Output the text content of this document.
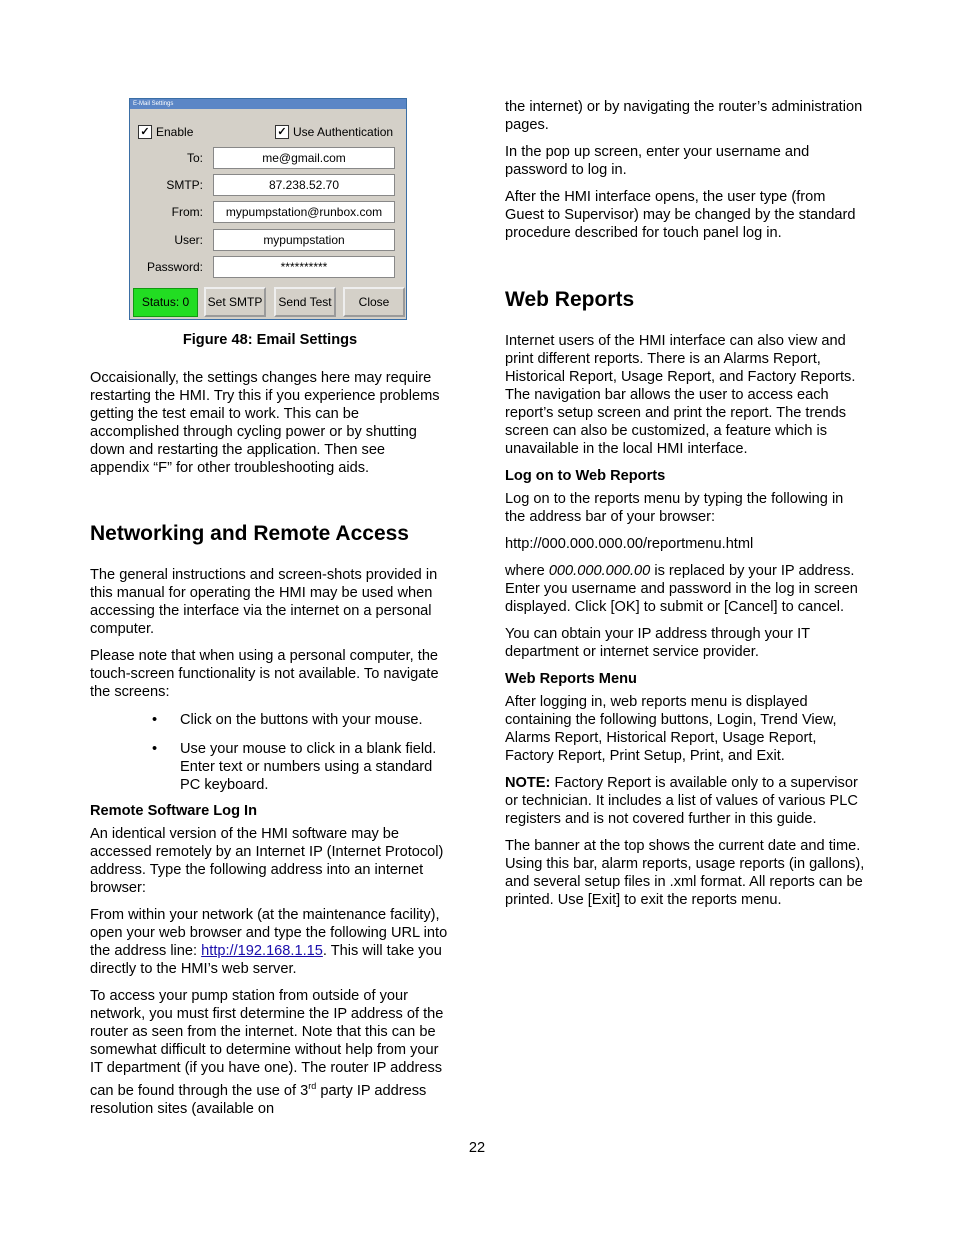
E-Mail Settings
✓ Enable	✓ Use Authentication
To:	me@gmail.com
SMTP:	87.238.52.70
From:	mypumpstation@runbox.com
User:	mypumpstation
Password:	**********
Status: 0	Set SMTP	Send Test	Close
Figure 48: Email Settings

Occaisionally, the settings changes here may require restarting the HMI. Try this if you experience problems getting the test email to work. This can be accomplished through cycling power or by shutting down and restarting the application. Then see appendix “F” for other troubleshooting aids.

Networking and Remote Access

The general instructions and screen-shots provided in this manual for operating the HMI may be used when accessing the interface via the internet on a personal computer.

Please note that when using a personal computer, the touch-screen functionality is not available. To navigate the screens:

• Click on the buttons with your mouse.
• Use your mouse to click in a blank field. Enter text or numbers using a standard PC keyboard.
Remote Software Log In

An identical version of the HMI software may be accessed remotely by an Internet IP (Internet Protocol) address. Type the following address into an internet browser:

From within your network (at the maintenance facility), open your web browser and type the following URL into the address line: http://192.168.1.15. This will take you directly to the HMI’s web server.

To access your pump station from outside of your network, you must first determine the IP address of the router as seen from the internet. Note that this can be somewhat difficult to determine without help from your IT department (if you have one). The router IP address can be found through the use of 3rd party IP address resolution sites (available on

the internet) or by navigating the router’s administration pages.

In the pop up screen, enter your username and password to log in.

After the HMI interface opens, the user type (from Guest to Supervisor) may be changed by the standard procedure described for touch panel log in.

Web Reports

Internet users of the HMI interface can also view and print different reports. There is an Alarms Report, Historical Report, Usage Report, and Factory Reports. The navigation bar allows the user to access each report’s setup screen and print the report. The trends screen can also be customized, a feature which is unavailable in the local HMI interface.

Log on to Web Reports

Log on to the reports menu by typing the following in the address bar of your browser:

http://000.000.000.00/reportmenu.html

where 000.000.000.00 is replaced by your IP address. Enter you username and password in the log in screen displayed. Click [OK] to submit or [Cancel] to cancel.

You can obtain your IP address through your IT department or internet service provider.

Web Reports Menu

After logging in, web reports menu is displayed containing the following buttons, Login, Trend View, Alarms Report, Historical Report, Usage Report, Factory Report, Print Setup, Print, and Exit.

NOTE: Factory Report is available only to a supervisor or technician. It includes a list of values of various PLC registers and is not covered further in this guide.

The banner at the top shows the current date and time. Using this bar, alarm reports, usage reports (in gallons), and several setup files in .xml format. All reports can be printed. Use [Exit] to exit the reports menu.

22
